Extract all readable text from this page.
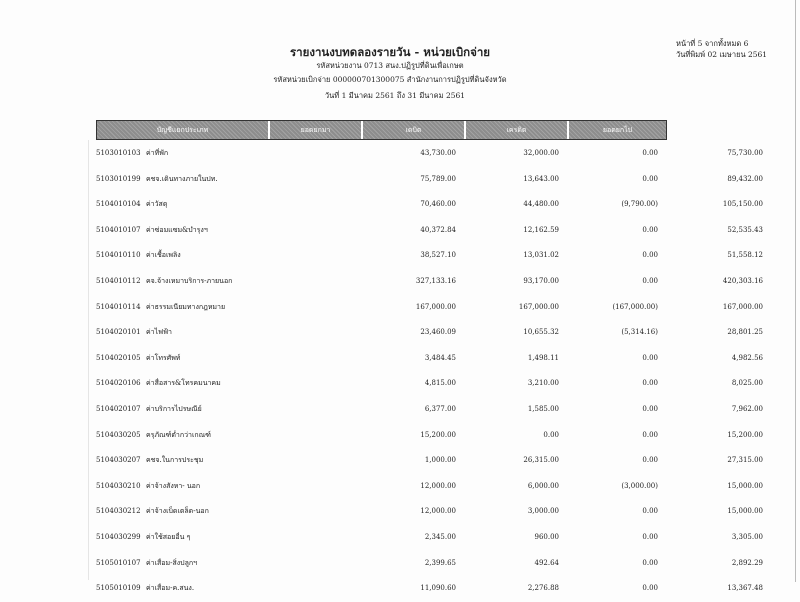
หน้าที่ 5 จากทั้งหมด 6
วันที่พิมพ์ 02 เมษายน 2561
รายงานงบทดลองรายวัน - หน่วยเบิกจ่าย
รหัสหน่วยงาน 0713 สนง.ปฏิรูปที่ดินเพื่อเกษต
รหัสหน่วยเบิกจ่าย 000000701300075 สำนักงานการปฏิรูปที่ดินจังหวัด
วันที่ 1 มีนาคม 2561 ถึง 31 มีนาคม 2561
บัญชีแยกประเภท	ยอดยกมา	เดบิต	เครดิต	ยอดยกไป
5103010103 ค่าที่พัก	43,730.00	32,000.00	0.00	75,730.00
5103010199 คชจ.เดินทางภายในปท.	75,789.00	13,643.00	0.00	89,432.00
5104010104 ค่าวัสดุ	70,460.00	44,480.00	(9,790.00)	105,150.00
5104010107 ค่าซ่อมแซม&บำรุงฯ	40,372.84	12,162.59	0.00	52,535.43
5104010110 ค่าเชื้อเพลิง	38,527.10	13,031.02	0.00	51,558.12
5104010112 คจ.จ้างเหมาบริการ-ภายนอก	327,133.16	93,170.00	0.00	420,303.16
5104010114 ค่าธรรมเนียมทางกฎหมาย	167,000.00	167,000.00	(167,000.00)	167,000.00
5104020101 ค่าไฟฟ้า	23,460.09	10,655.32	(5,314.16)	28,801.25
5104020105 ค่าโทรศัพท์	3,484.45	1,498.11	0.00	4,982.56
5104020106 ค่าสื่อสาร&โทรคมนาคม	4,815.00	3,210.00	0.00	8,025.00
5104020107 ค่าบริการไปรษณีย์	6,377.00	1,585.00	0.00	7,962.00
5104030205 ครุภัณฑ์ต่ำกว่าเกณฑ์	15,200.00	0.00	0.00	15,200.00
5104030207 คชจ.ในการประชุม	1,000.00	26,315.00	0.00	27,315.00
5104030210 ค่าจ้างสังหา- นอก	12,000.00	6,000.00	(3,000.00)	15,000.00
5104030212 ค่าจ้างเบ็ดเตล็ด-นอก	12,000.00	3,000.00	0.00	15,000.00
5104030299 ค่าใช้สอยอื่น ๆ	2,345.00	960.00	0.00	3,305.00
5105010107 ค่าเสื่อม-สิ่งปลูกฯ	2,399.65	492.64	0.00	2,892.29
5105010109 ค่าเสื่อม-ค.สนง.	11,090.60	2,276.88	0.00	13,367.48
